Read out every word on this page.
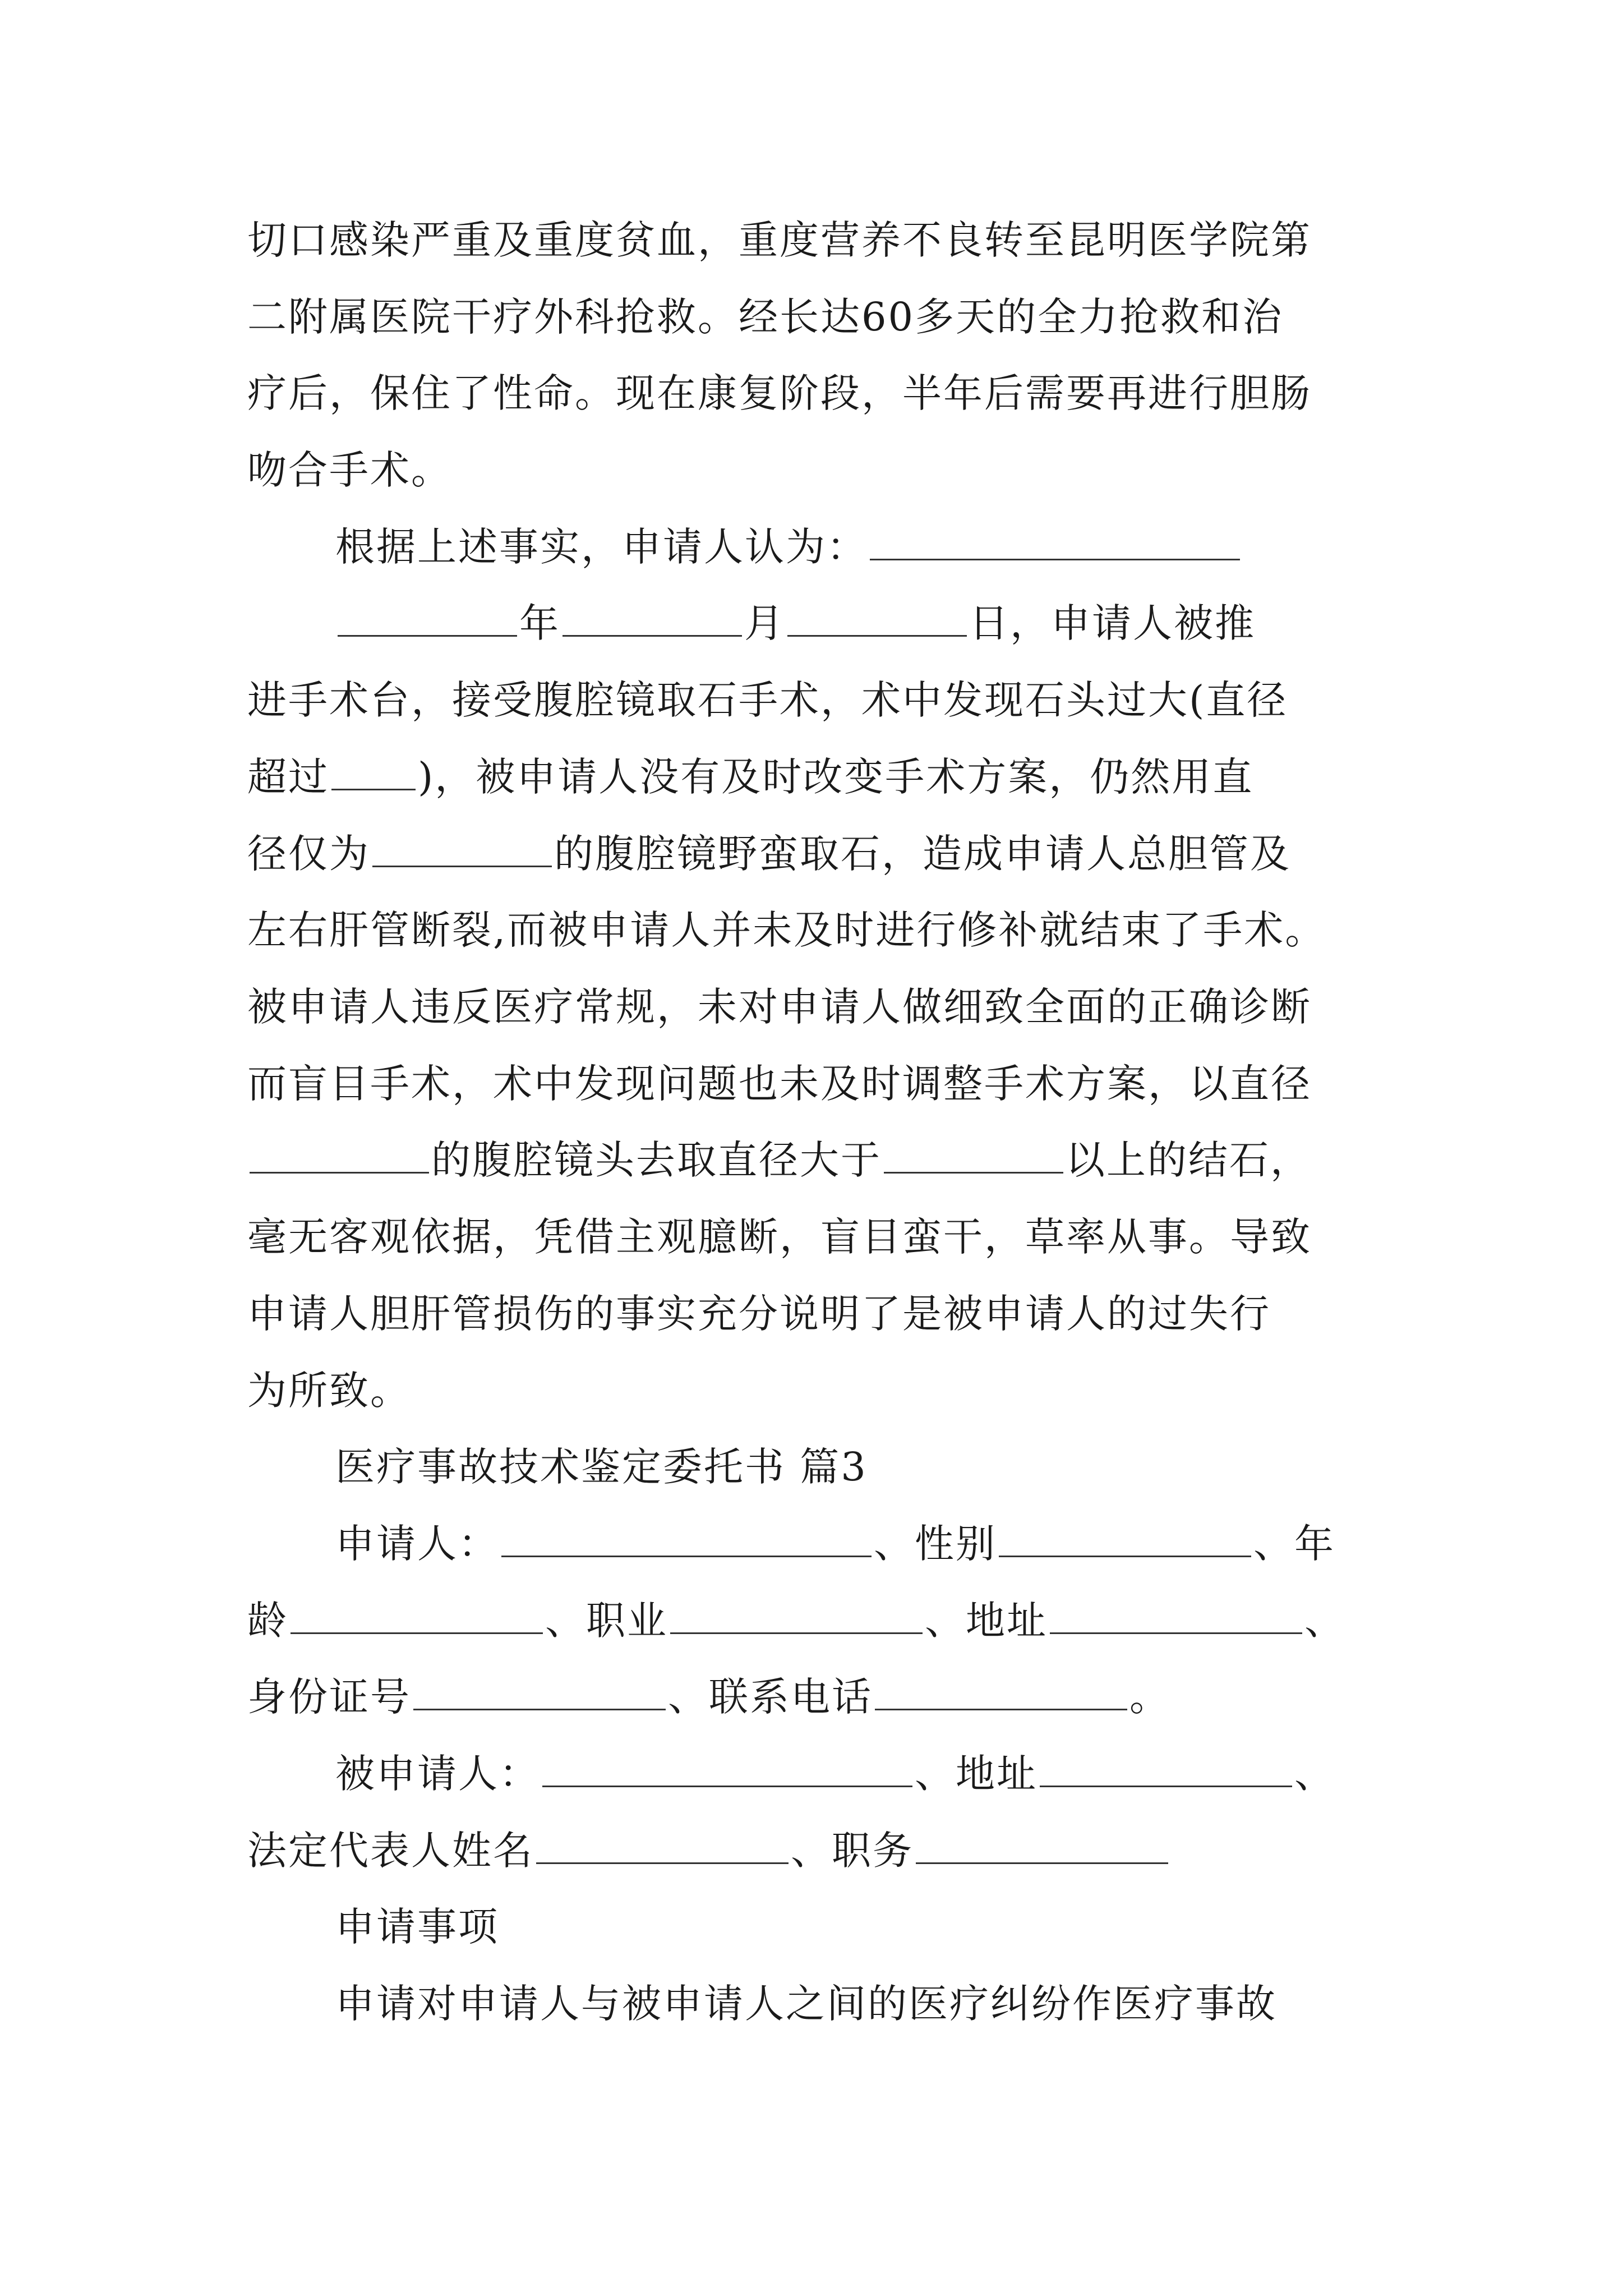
切口感染严重及重度贫血，重度营养不良转至昆明医学院第
二附属医院干疗外科抢救。经长达60多天的全力抢救和治
疗后，保住了性命。现在康复阶段，半年后需要再进行胆肠
吻合手术。
根据上述事实，申请人认为：
年	月	日，申请人被推
进手术台，接受腹腔镜取石手术，术中发现石头过大(直径
超过 )，被申请人没有及时改变手术方案，仍然用直
径仅为	的腹腔镜野蛮取石，造成申请人总胆管及
左右肝管断裂,而被申请人并未及时进行修补就结束了手术。
被申请人违反医疗常规，未对申请人做细致全面的正确诊断
而盲目手术，术中发现问题也未及时调整手术方案，以直径
的腹腔镜头去取直径大于	以上的结石，
毫无客观依据，凭借主观臆断，盲目蛮干，草率从事。导致
申请人胆肝管损伤的事实充分说明了是被申请人的过失行
为所致。
医疗事故技术鉴定委托书 篇3
申请人：	、性别	、年
龄	、职业	、地址	、
身份证号	、联系电话	。
被申请人：	、地址	、
法定代表人姓名	、职务
申请事项
申请对申请人与被申请人之间的医疗纠纷作医疗事故
